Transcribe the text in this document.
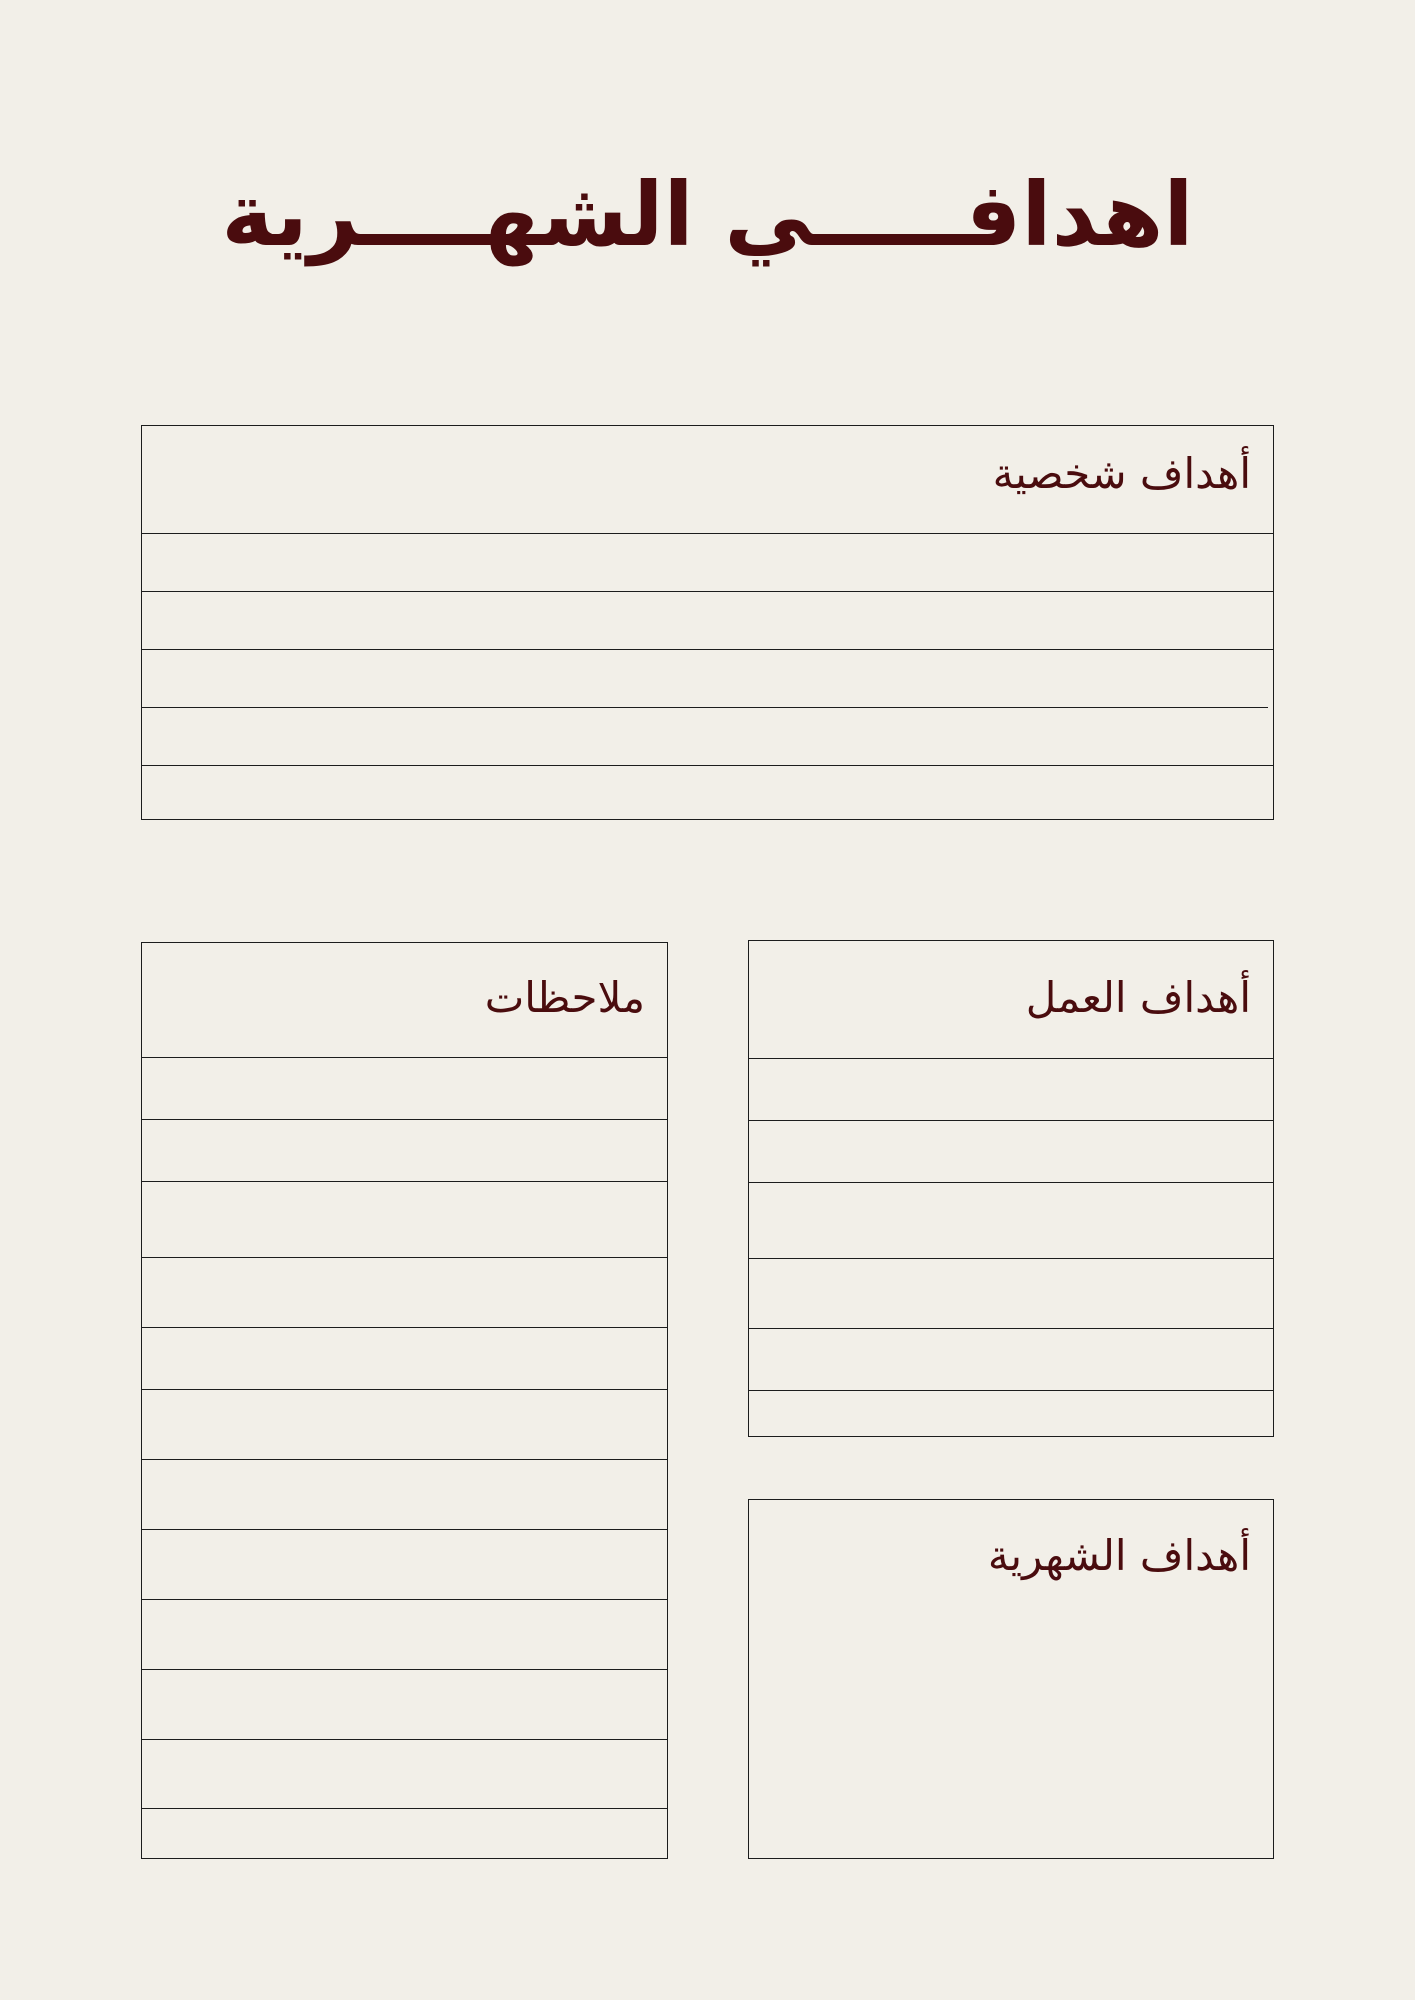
اهدافـــــي الشهــــرية
أهداف شخصية
ملاحظات	أهداف العمل
أهداف الشهرية
